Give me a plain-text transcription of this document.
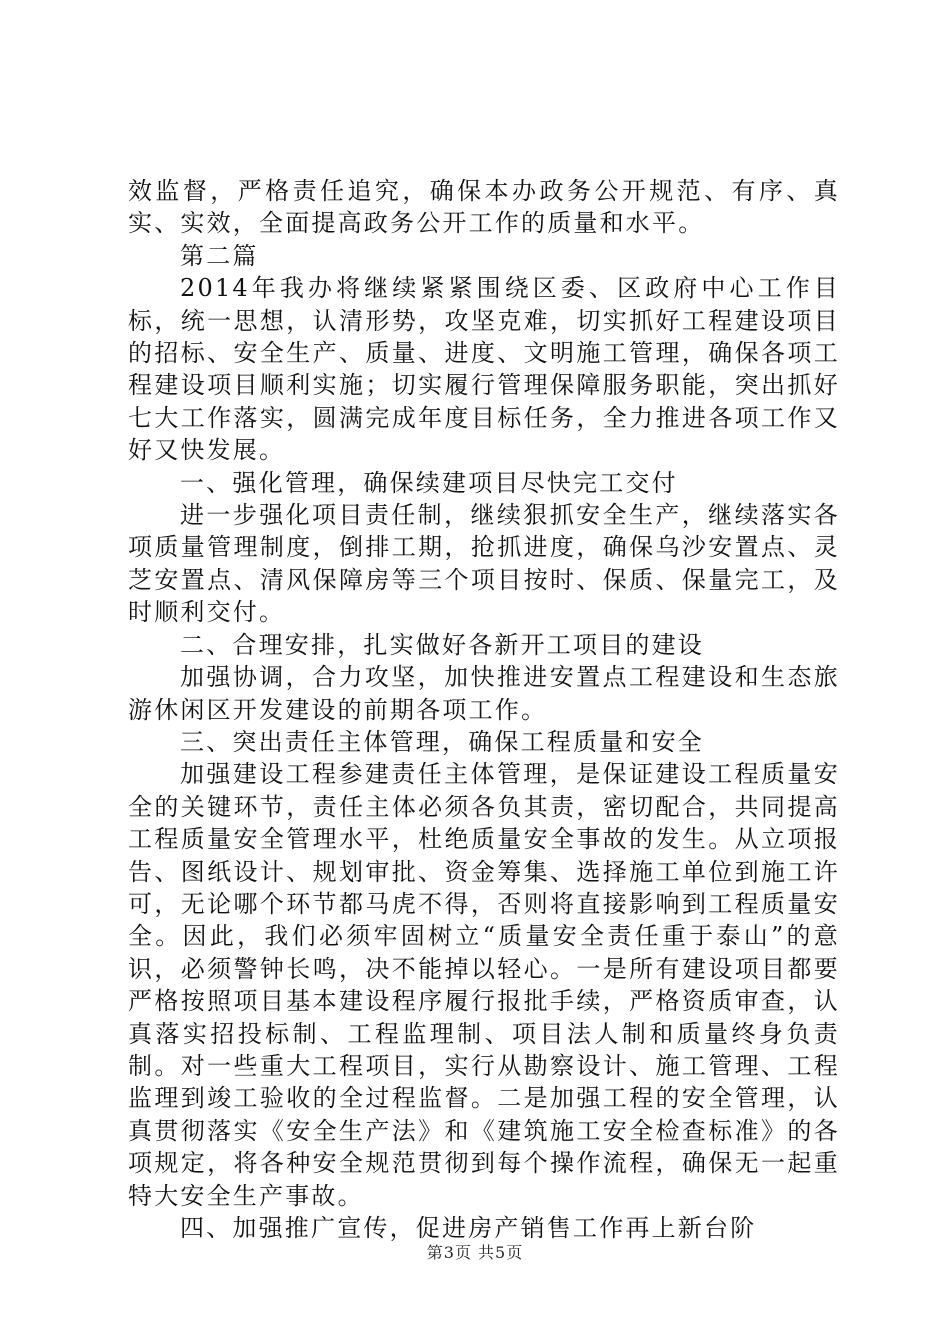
效监督，严格责任追究，确保本办政务公开规范、有序、真实、实效，全面提高政务公开工作的质量和水平。

第二篇

2014年我办将继续紧紧围绕区委、区政府中心工作目标，统一思想，认清形势，攻坚克难，切实抓好工程建设项目的招标、安全生产、质量、进度、文明施工管理，确保各项工程建设项目顺利实施；切实履行管理保障服务职能，突出抓好七大工作落实，圆满完成年度目标任务，全力推进各项工作又好又快发展。

一、强化管理，确保续建项目尽快完工交付

进一步强化项目责任制，继续狠抓安全生产，继续落实各项质量管理制度，倒排工期，抢抓进度，确保乌沙安置点、灵芝安置点、清风保障房等三个项目按时、保质、保量完工，及时顺利交付。

二、合理安排，扎实做好各新开工项目的建设

加强协调，合力攻坚，加快推进安置点工程建设和生态旅游休闲区开发建设的前期各项工作。

三、突出责任主体管理，确保工程质量和安全

加强建设工程参建责任主体管理，是保证建设工程质量安全的关键环节，责任主体必须各负其责，密切配合，共同提高工程质量安全管理水平，杜绝质量安全事故的发生。从立项报告、图纸设计、规划审批、资金筹集、选择施工单位到施工许可，无论哪个环节都马虎不得，否则将直接影响到工程质量安全。因此，我们必须牢固树立“质量安全责任重于泰山”的意识，必须警钟长鸣，决不能掉以轻心。一是所有建设项目都要严格按照项目基本建设程序履行报批手续，严格资质审查，认真落实招投标制、工程监理制、项目法人制和质量终身负责制。对一些重大工程项目，实行从勘察设计、施工管理、工程监理到竣工验收的全过程监督。二是加强工程的安全管理，认真贯彻落实《安全生产法》和《建筑施工安全检查标准》的各项规定，将各种安全规范贯彻到每个操作流程，确保无一起重特大安全生产事故。

四、加强推广宣传，促进房产销售工作再上新台阶

第3页 共5页
